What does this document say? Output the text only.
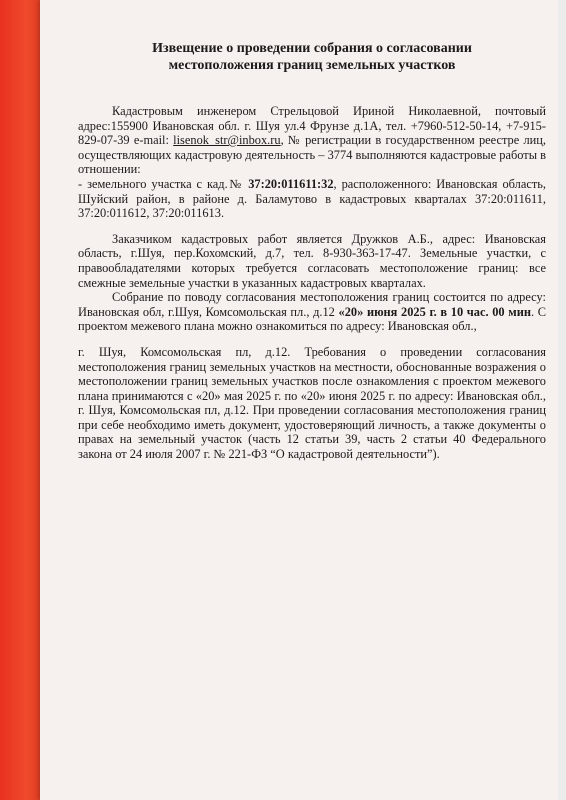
Извещение о проведении собрания о согласовании
местоположения границ земельных участков

Кадастровым инженером Стрельцовой Ириной Николаевной, почтовый адрес:155900 Ивановская обл. г. Шуя ул.4 Фрунзе д.1А, тел. +7960-512-50-14, +7-915-829-07-39 e-mail: lisenok_str@inbox.ru, № регистрации в государственном реестре лиц, осуществляющих кадастровую деятельность – 3774 выполняются кадастровые работы в отношении:

- земельного участка с кад.№ 37:20:011611:32, расположенного: Ивановская область, Шуйский район, в районе д. Баламутово в кадастровых кварталах 37:20:011611, 37:20:011612, 37:20:011613.

Заказчиком кадастровых работ является Дружков А.Б., адрес: Ивановская область, г.Шуя, пер.Кохомский, д.7, тел. 8-930-363-17-47. Земельные участки, с правообладателями которых требуется согласовать местоположение границ: все смежные земельные участки в указанных кадастровых кварталах.

Собрание по поводу согласования местоположения границ состоится по адресу: Ивановская обл, г.Шуя, Комсомольская пл., д.12 «20» июня 2025 г. в 10 час. 00 мин. С проектом межевого плана можно ознакомиться по адресу: Ивановская обл.,

г. Шуя, Комсомольская пл, д.12. Требования о проведении согласования местоположения границ земельных участков на местности, обоснованные возражения о местоположении границ земельных участков после ознакомления с проектом межевого плана принимаются с «20» мая 2025 г. по «20» июня 2025 г. по адресу: Ивановская обл., г. Шуя, Комсомольская пл, д.12. При проведении согласования местоположения границ при себе необходимо иметь документ, удостоверяющий личность, а также документы о правах на земельный участок (часть 12 статьи 39, часть 2 статьи 40 Федерального закона от 24 июля 2007 г. № 221-ФЗ “О кадастровой деятельности”).
